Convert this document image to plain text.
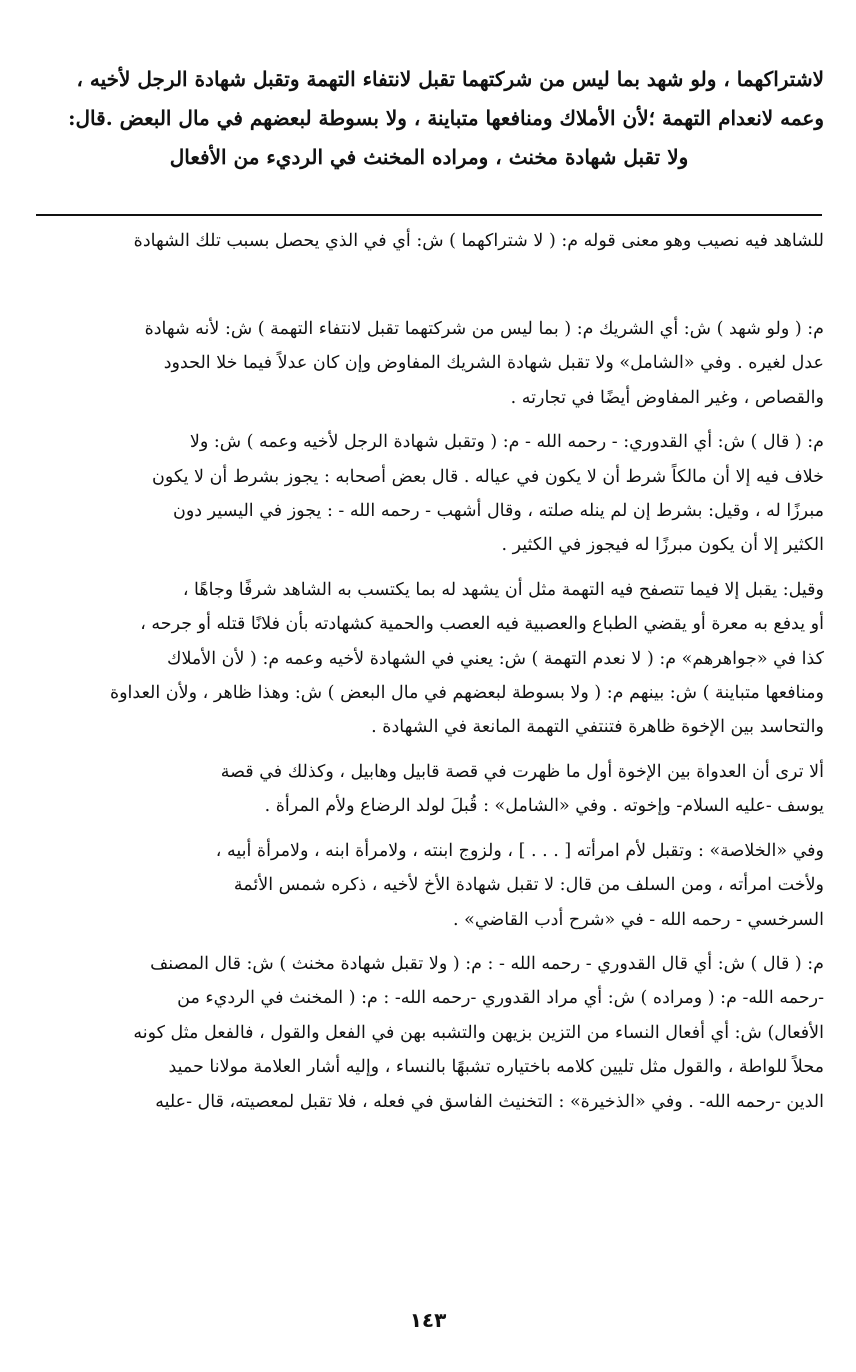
لاشتراكهما ، ولو شهد بما ليس من شركتهما تقبل لانتفاء التهمة وتقبل شهادة الرجل لأخيه ،
وعمه لانعدام التهمة ؛لأن الأملاك ومنافعها متباينة ، ولا بسوطة لبعضهم في مال البعض .قال:
ولا تقبل شهادة مخنث ، ومراده المخنث في الرديء من الأفعال
للشاهد فيه نصيب وهو معنى قوله م: ( لا شتراكهما ) ش: أي في الذي يحصل بسبب تلك الشهادة
م: ( ولو شهد ) ش: أي الشريك م: ( بما ليس من شركتهما تقبل لانتفاء التهمة ) ش: لأنه شهادة
عدل لغيره . وفي «الشامل» ولا تقبل شهادة الشريك المفاوض وإن كان عدلاً فيما خلا الحدود
والقصاص ، وغير المفاوض أيضًا في تجارته .
م: ( قال ) ش: أي القدوري: - رحمه الله - م: ( وتقبل شهادة الرجل لأخيه وعمه ) ش: ولا
خلاف فيه إلا أن مالكاً شرط أن لا يكون في عياله . قال بعض أصحابه : يجوز بشرط أن لا يكون
مبرزًا له ، وقيل: بشرط إن لم ينله صلته ، وقال أشهب - رحمه الله - : يجوز في اليسير دون
الكثير إلا أن يكون مبرزًا له فيجوز في الكثير .
وقيل: يقبل إلا فيما تتصفح فيه التهمة مثل أن يشهد له بما يكتسب به الشاهد شرفًا وجاهًا ،
أو يدفع به معرة أو يقضي الطباع والعصبية فيه العصب والحمية كشهادته بأن فلانًا قتله أو جرحه ،
كذا في «جواهرهم» م: ( لا نعدم التهمة ) ش: يعني في الشهادة لأخيه وعمه م: ( لأن الأملاك
ومنافعها متباينة ) ش: بينهم م: ( ولا بسوطة لبعضهم في مال البعض ) ش: وهذا ظاهر ، ولأن العداوة
والتحاسد بين الإخوة ظاهرة فتنتفي التهمة المانعة في الشهادة .
ألا ترى أن العدواة بين الإخوة أول ما ظهرت في قصة قابيل وهابيل ، وكذلك في قصة
يوسف -عليه السلام- وإخوته . وفي «الشامل» : قُبلَ لولد الرضاع ولأم المرأة .
وفي «الخلاصة» : وتقبل لأم امرأته [ . . . ] ، ولزوج ابنته ، ولامرأة ابنه ، ولامرأة أبيه ،
ولأخت امرأته ، ومن السلف من قال: لا تقبل شهادة الأخ لأخيه ، ذكره شمس الأئمة
السرخسي - رحمه الله - في «شرح أدب القاضي» .
م: ( قال ) ش: أي قال القدوري - رحمه الله - : م: ( ولا تقبل شهادة مخنث ) ش: قال المصنف
-رحمه الله- م: ( ومراده ) ش: أي مراد القدوري -رحمه الله- : م: ( المخنث في الرديء من
الأفعال) ش: أي أفعال النساء من التزين بزيهن والتشبه بهن في الفعل والقول ، فالفعل مثل كونه
محلاً للواطة ، والقول مثل تليين كلامه باختياره تشبهًا بالنساء ، وإليه أشار العلامة مولانا حميد
الدين -رحمه الله- . وفي «الذخيرة» : التخنيث الفاسق في فعله ، فلا تقبل لمعصيته، قال -عليه
١٤٣
